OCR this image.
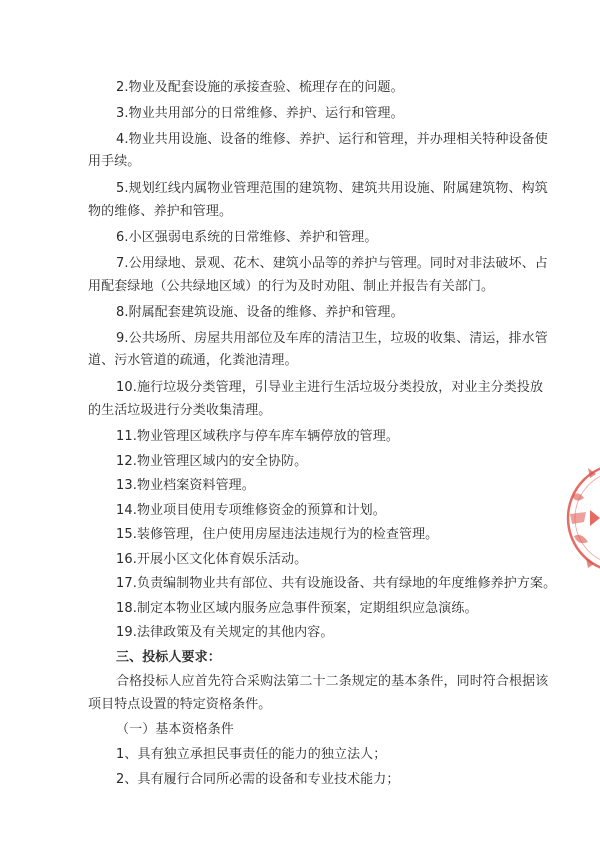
2.物业及配套设施的承接查验、梳理存在的问题。
3.物业共用部分的日常维修、养护、运行和管理。
4.物业共用设施、设备的维修、养护、运行和管理，并办理相关特种设备使
用手续。
5.规划红线内属物业管理范围的建筑物、建筑共用设施、附属建筑物、构筑
物的维修、养护和管理。
6.小区强弱电系统的日常维修、养护和管理。
7.公用绿地、景观、花木、建筑小品等的养护与管理。同时对非法破坏、占
用配套绿地（公共绿地区域）的行为及时劝阻、制止并报告有关部门。
8.附属配套建筑设施、设备的维修、养护和管理。
9.公共场所、房屋共用部位及车库的清洁卫生，垃圾的收集、清运，排水管
道、污水管道的疏通，化粪池清理。
10.施行垃圾分类管理，引导业主进行生活垃圾分类投放，对业主分类投放
的生活垃圾进行分类收集清理。
11.物业管理区域秩序与停车库车辆停放的管理。
12.物业管理区域内的安全协防。
13.物业档案资料管理。
14.物业项目使用专项维修资金的预算和计划。
15.装修管理，住户使用房屋违法违规行为的检查管理。
16.开展小区文化体育娱乐活动。
17.负责编制物业共有部位、共有设施设备、共有绿地的年度维修养护方案。
18.制定本物业区域内服务应急事件预案，定期组织应急演练。
19.法律政策及有关规定的其他内容。
三、投标人要求：
合格投标人应首先符合采购法第二十二条规定的基本条件，同时符合根据该
项目特点设置的特定资格条件。
（一）基本资格条件
1、具有独立承担民事责任的能力的独立法人；
2、具有履行合同所必需的设备和专业技术能力；
